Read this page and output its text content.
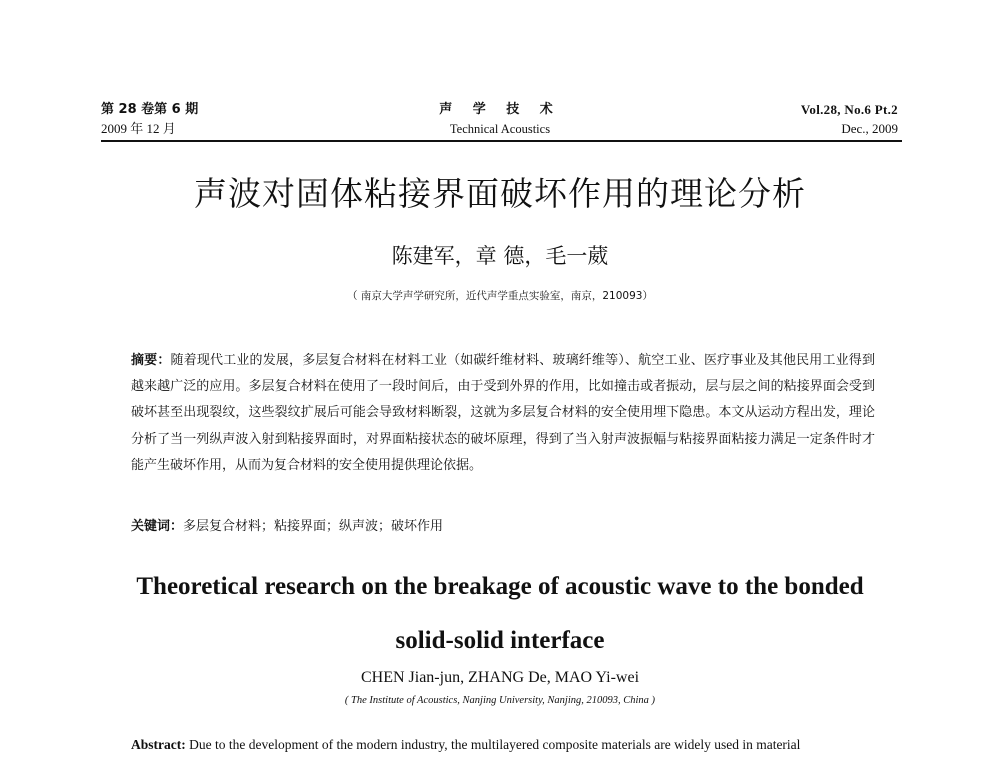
第 28 卷第 6 期
2009 年 12 月
声 学 技 术
Technical Acoustics
Vol.28, No.6 Pt.2
Dec., 2009
声波对固体粘接界面破坏作用的理论分析
陈建军，章 德，毛一葳
（ 南京大学声学研究所，近代声学重点实验室，南京，210093）
摘要：随着现代工业的发展，多层复合材料在材料工业（如碳纤维材料、玻璃纤维等）、航空工业、医疗事业及其他民用工业得到越来越广泛的应用。多层复合材料在使用了一段时间后，由于受到外界的作用，比如撞击或者振动，层与层之间的粘接界面会受到破坏甚至出现裂纹，这些裂纹扩展后可能会导致材料断裂，这就为多层复合材料的安全使用埋下隐患。本文从运动方程出发，理论分析了当一列纵声波入射到粘接界面时，对界面粘接状态的破坏原理，得到了当入射声波振幅与粘接界面粘接力满足一定条件时才能产生破坏作用，从而为复合材料的安全使用提供理论依据。
关键词：多层复合材料；粘接界面；纵声波；破坏作用
Theoretical research on the breakage of acoustic wave to the bonded
solid-solid interface
CHEN Jian-jun, ZHANG De, MAO Yi-wei
( The Institute of Acoustics, Nanjing University, Nanjing, 210093, China )
Abstract: Due to the development of the modern industry, the multilayered composite materials are widely used in material
